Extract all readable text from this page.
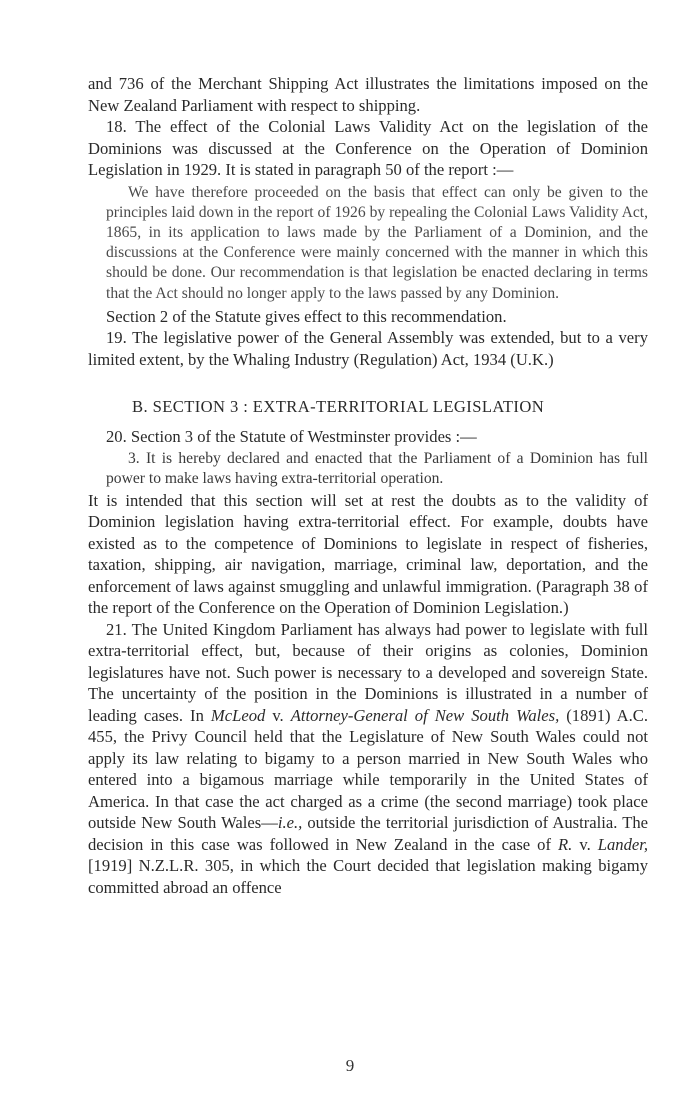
and 736 of the Merchant Shipping Act illustrates the limitations imposed on the New Zealand Parliament with respect to shipping.

18. The effect of the Colonial Laws Validity Act on the legislation of the Dominions was discussed at the Conference on the Operation of Dominion Legislation in 1929. It is stated in paragraph 50 of the report :—

We have therefore proceeded on the basis that effect can only be given to the principles laid down in the report of 1926 by repealing the Colonial Laws Validity Act, 1865, in its application to laws made by the Parliament of a Dominion, and the discussions at the Conference were mainly concerned with the manner in which this should be done. Our recommendation is that legislation be enacted declaring in terms that the Act should no longer apply to the laws passed by any Dominion.

Section 2 of the Statute gives effect to this recommendation.

19. The legislative power of the General Assembly was extended, but to a very limited extent, by the Whaling Industry (Regulation) Act, 1934 (U.K.)

B. SECTION 3 : EXTRA-TERRITORIAL LEGISLATION

20. Section 3 of the Statute of Westminster provides :—

3. It is hereby declared and enacted that the Parliament of a Dominion has full power to make laws having extra-territorial operation.

It is intended that this section will set at rest the doubts as to the validity of Dominion legislation having extra-territorial effect. For example, doubts have existed as to the competence of Dominions to legislate in respect of fisheries, taxation, shipping, air navigation, marriage, criminal law, deportation, and the enforcement of laws against smuggling and unlawful immigration. (Paragraph 38 of the report of the Conference on the Operation of Dominion Legislation.)

21. The United Kingdom Parliament has always had power to legislate with full extra-territorial effect, but, because of their origins as colonies, Dominion legislatures have not. Such power is necessary to a developed and sovereign State. The uncertainty of the position in the Dominions is illustrated in a number of leading cases. In McLeod v. Attorney-General of New South Wales, (1891) A.C. 455, the Privy Council held that the Legislature of New South Wales could not apply its law relating to bigamy to a person married in New South Wales who entered into a bigamous marriage while temporarily in the United States of America. In that case the act charged as a crime (the second marriage) took place outside New South Wales—i.e., outside the territorial jurisdiction of Australia. The decision in this case was followed in New Zealand in the case of R. v. Lander, [1919] N.Z.L.R. 305, in which the Court decided that legislation making bigamy committed abroad an offence

9
